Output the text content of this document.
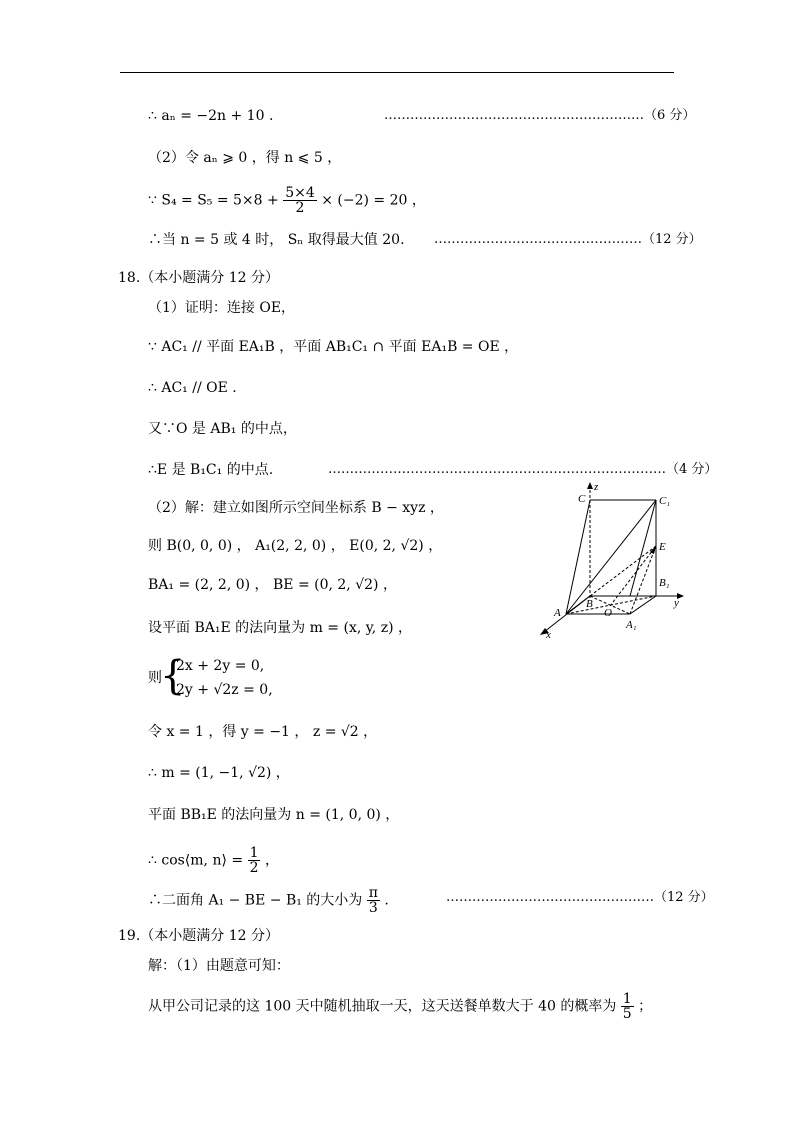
∴ aₙ = −2n + 10 .	……………………………………………………（6 分）
（2）令 aₙ ⩾ 0 ，得 n ⩽ 5 ，
∵ $S_4 = S_5 = 5\times 8 + \frac{5\times 4}{2} \times (-2) = 20$ ，
∴当 n = 5 或 4 时， Sₙ 取得最大值 20. …………………………………………（12 分）
18.（本小题满分 12 分）
（1）证明：连接 OE，
∵ AC₁ // 平面 EA₁B ，平面 AB₁C₁ ∩ 平面 EA₁B = OE ，
∴ AC₁ // OE .
又∵O 是 AB₁ 的中点，
∴E 是 B₁C₁ 的中点.	……………………………………………………………………（4 分）
（2）解：建立如图所示空间坐标系 B − xyz ，
则 B(0, 0, 0) ， A₁(2, 2, 0) ， E(0, 2, √2) ，
BA₁ = (2, 2, 0) ， BE = (0, 2, √2) ，
设平面 BA₁E 的法向量为 m = (x, y, z) ，
则
{
2x + 2y = 0,
2y + √2z = 0,
令 x = 1 ，得 y = −1 ， z = √2 ，
∴ m = (1, −1, √2) ，
平面 BB₁E 的法向量为 n = (1, 0, 0) ，
∴ cos⟨m, n⟩ = $\frac{1}{2}$ ，
∴二面角 A₁ − BE − B₁ 的大小为 $\frac{\pi}{3}$ .	…………………………………………（12 分）
19.（本小题满分 12 分）
解：（1）由题意可知：
从甲公司记录的这 100 天中随机抽取一天，这天送餐单数大于 40 的概率为 $\frac{1}{5}$ ；
C
z
C₁
E
B₁
y
A
B
O
A₁
x
